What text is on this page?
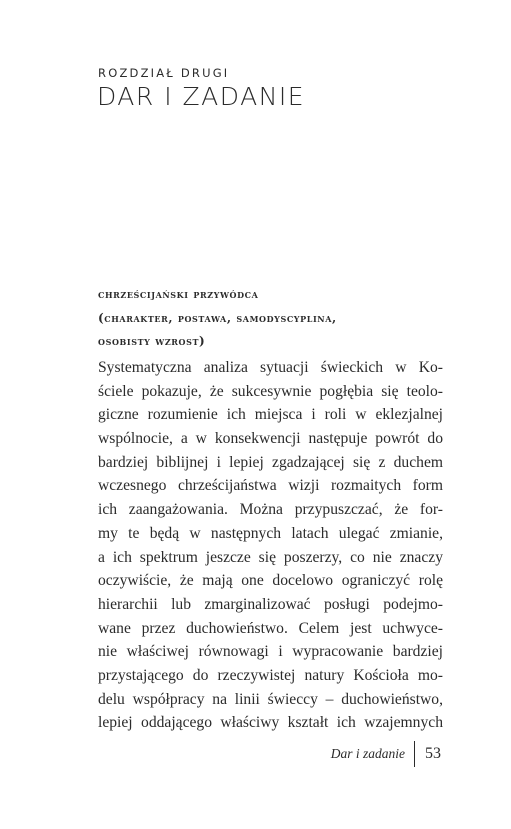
ROZDZIAŁ DRUGI
DAR I ZADANIE
chrześcijański przywódca
(charakter, postawa, samodyscyplina,
osobisty wzrost)
Systematyczna analiza sytuacji świeckich w Ko-
ściele pokazuje, że sukcesywnie pogłębia się teolo-
giczne rozumienie ich miejsca i roli w eklezjalnej
wspólnocie, a w konsekwencji następuje powrót do
bardziej biblijnej i lepiej zgadzającej się z duchem
wczesnego chrześcijaństwa wizji rozmaitych form
ich zaangażowania. Można przypuszczać, że for-
my te będą w następnych latach ulegać zmianie,
a ich spektrum jeszcze się poszerzy, co nie znaczy
oczywiście, że mają one docelowo ograniczyć rolę
hierarchii lub zmarginalizować posługi podejmo-
wane przez duchowieństwo. Celem jest uchwyce-
nie właściwej równowagi i wypracowanie bardziej
przystającego do rzeczywistej natury Kościoła mo-
delu współpracy na linii świeccy – duchowieństwo,
lepiej oddającego właściwy kształt ich wzajemnych
Dar i zadanie	53
